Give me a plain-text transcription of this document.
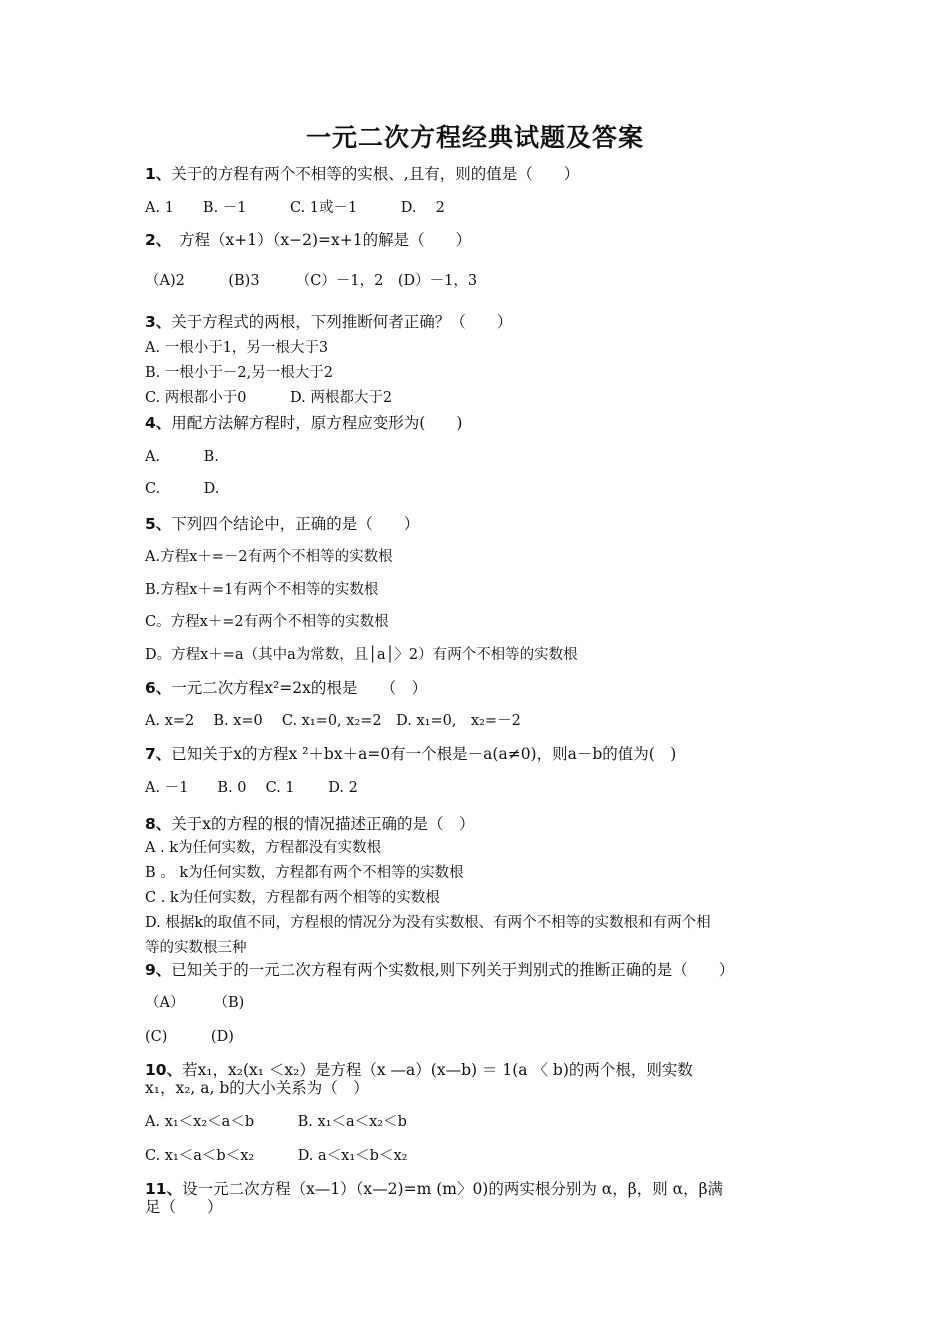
一元二次方程经典试题及答案
1、关于的方程有两个不相等的实根、,且有，则的值是（　　）
A. 1　　B. －1　　　C. 1或－1　　　D.　 2
2、　方程（x+1）（x−2)=x+1的解是（　　）
（A)2　　　(B)3　　　（C）－1，2　(D）－1，3
3、关于方程式的两根，下列推断何者正确？（　　）
A. 一根小于1，另一根大于3
B. 一根小于－2,另一根大于2
C. 两根都小于0　　　D. 两根都大于2
4、用配方法解方程时，原方程应变形为(　　)
A.　　　B.
C.　　　D.
5、下列四个结论中，正确的是（　　）
A.方程x＋=－2有两个不相等的实数根
B.方程x＋=1有两个不相等的实数根
C。方程x＋=2有两个不相等的实数根
D。方程x＋=a（其中a为常数，且│a│〉2）有两个不相等的实数根
6、一元二次方程x²=2x的根是　　（　）
A. x=2　 B. x=0　 C. x₁=0, x₂=2　D. x₁=0,　x₂=－2
7、已知关于x的方程x ²＋bx＋a=0有一个根是－a(a≠0)，则a－b的值为(　)
A. －1　　B. 0　 C. 1　　 D. 2
8、关于x的方程的根的情况描述正确的是（　）
A . k为任何实数，方程都没有实数根
B 。 k为任何实数，方程都有两个不相等的实数根
C . k为任何实数，方程都有两个相等的实数根
D. 根据k的取值不同，方程根的情况分为没有实数根、有两个不相等的实数根和有两个相
等的实数根三种
9、已知关于的一元二次方程有两个实数根,则下列关于判别式的推断正确的是（　　）
（A）　　　（B)
(C)　　　(D)
10、若x₁，x₂(x₁ ＜x₂）是方程（x —a）(x—b) ＝ 1(a 〈 b)的两个根，则实数
x₁，x₂, a, b的大小关系为（　）
A. x₁＜x₂＜a＜b　　　B. x₁＜a＜x₂＜b
C. x₁＜a＜b＜x₂　　　D. a＜x₁＜b＜x₂
11、设一元二次方程（x—1）（x—2)=m (m〉0)的两实根分别为 α，β，则 α，β满
足（　　）
